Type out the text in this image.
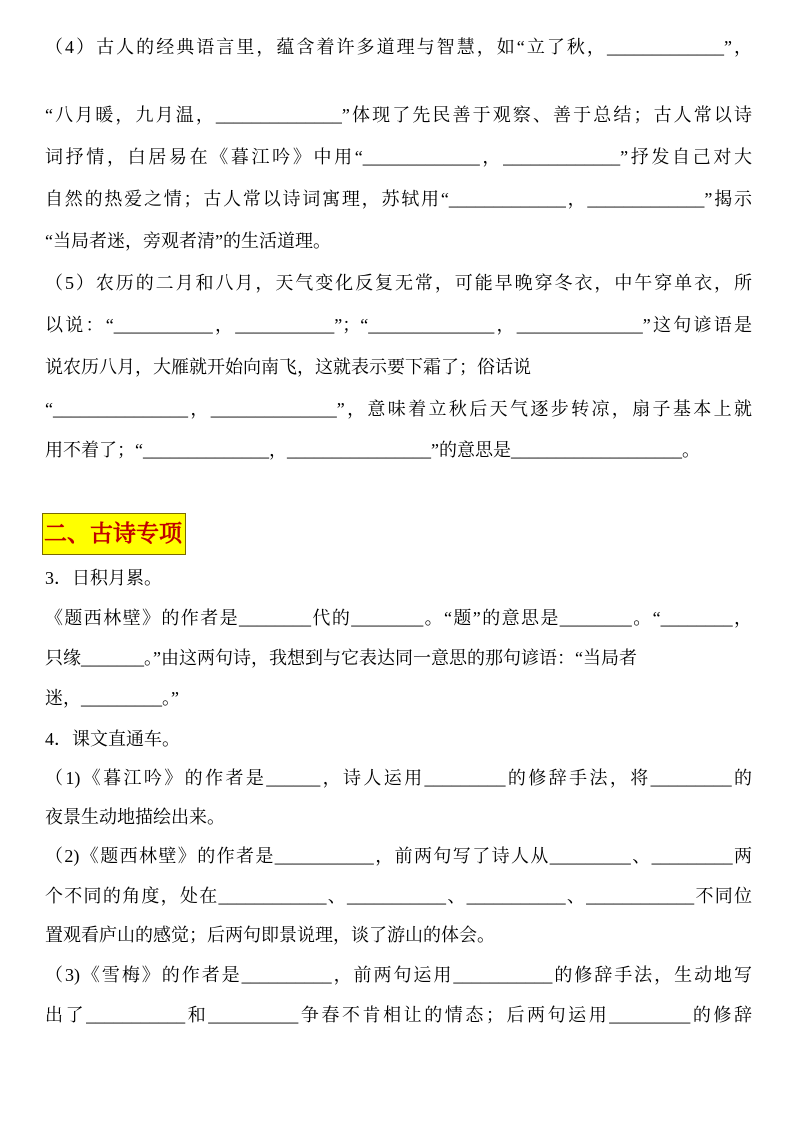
（4）古人的经典语言里，蕴含着许多道理与智慧，如“立了秋，_____________”，
“八月暖，九月温，______________”体现了先民善于观察、善于总结；古人常以诗
词抒情，白居易在《暮江吟》中用“_____________，_____________”抒发自己对大
自然的热爱之情；古人常以诗词寓理，苏轼用“_____________，_____________”揭示
“当局者迷，旁观者清”的生活道理。
（5）农历的二月和八月，天气变化反复无常，可能早晚穿冬衣，中午穿单衣，所
以说：“___________，___________”；“______________，______________”这句谚语是
说农历八月，大雁就开始向南飞，这就表示要下霜了；俗话说
“_______________，______________”，意味着立秋后天气逐步转凉，扇子基本上就
用不着了；“______________，________________”的意思是___________________。
二、古诗专项
3．日积月累。
《题西林壁》的作者是________代的________。“题”的意思是________。“________，
只缘_______。”由这两句诗，我想到与它表达同一意思的那句谚语：“当局者
迷，_________。”
4．课文直通车。
（1)《暮江吟》的作者是______，诗人运用_________的修辞手法，将_________的
夜景生动地描绘出来。
（2)《题西林壁》的作者是___________，前两句写了诗人从_________、_________两
个不同的角度，处在____________、___________、___________、____________不同位
置观看庐山的感觉；后两句即景说理，谈了游山的体会。
（3)《雪梅》的作者是__________，前两句运用___________的修辞手法，生动地写
出了___________和__________争春不肯相让的情态；后两句运用_________的修辞
